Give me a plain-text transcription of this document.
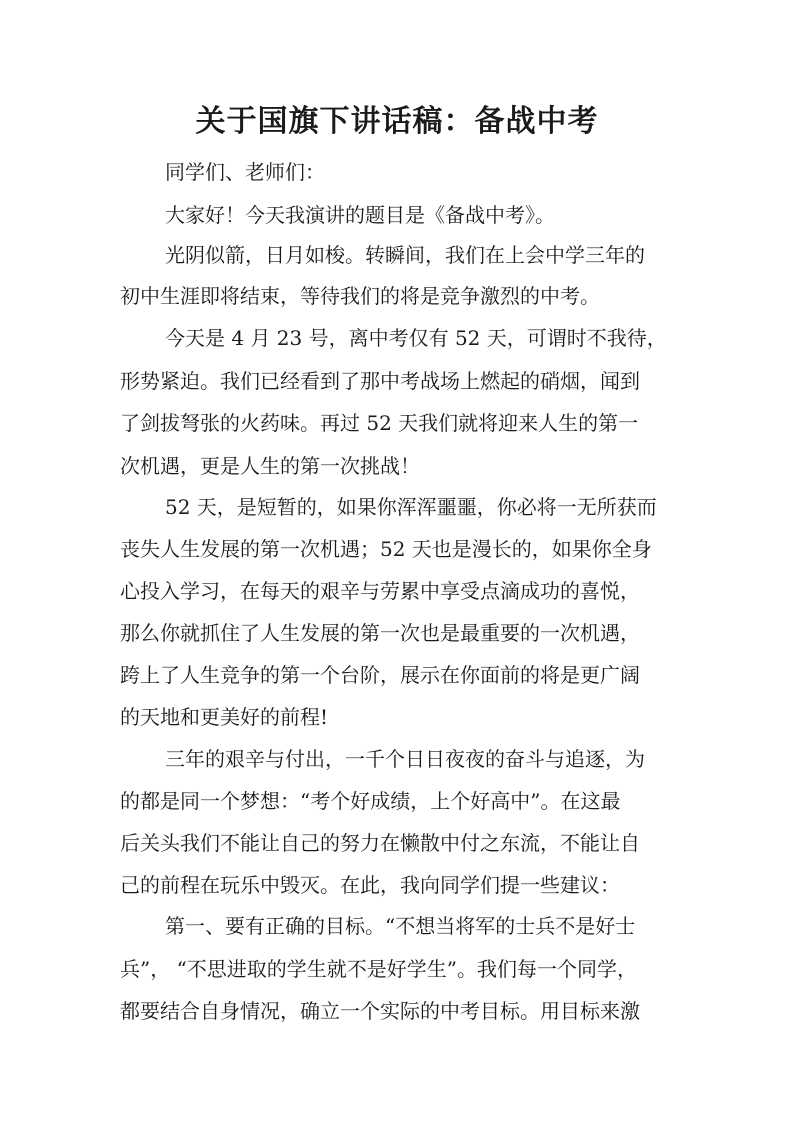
关于国旗下讲话稿：备战中考
同学们、老师们：
大家好！今天我演讲的题目是《备战中考》。
光阴似箭，日月如梭。转瞬间，我们在上会中学三年的
初中生涯即将结束，等待我们的将是竞争激烈的中考。
今天是 4 月 23 号，离中考仅有 52 天，可谓时不我待，
形势紧迫。我们已经看到了那中考战场上燃起的硝烟，闻到
了剑拔弩张的火药味。再过 52 天我们就将迎来人生的第一
次机遇，更是人生的第一次挑战！
52 天，是短暂的，如果你浑浑噩噩，你必将一无所获而
丧失人生发展的第一次机遇；52 天也是漫长的，如果你全身
心投入学习，在每天的艰辛与劳累中享受点滴成功的喜悦，
那么你就抓住了人生发展的第一次也是最重要的一次机遇，
跨上了人生竞争的第一个台阶，展示在你面前的将是更广阔
的天地和更美好的前程!
三年的艰辛与付出，一千个日日夜夜的奋斗与追逐，为
的都是同一个梦想：“考个好成绩，上个好高中”。在这最
后关头我们不能让自己的努力在懒散中付之东流，不能让自
己的前程在玩乐中毁灭。在此，我向同学们提一些建议：
第一、要有正确的目标。“不想当将军的士兵不是好士
兵”， “不思进取的学生就不是好学生”。我们每一个同学，
都要结合自身情况，确立一个实际的中考目标。用目标来激
